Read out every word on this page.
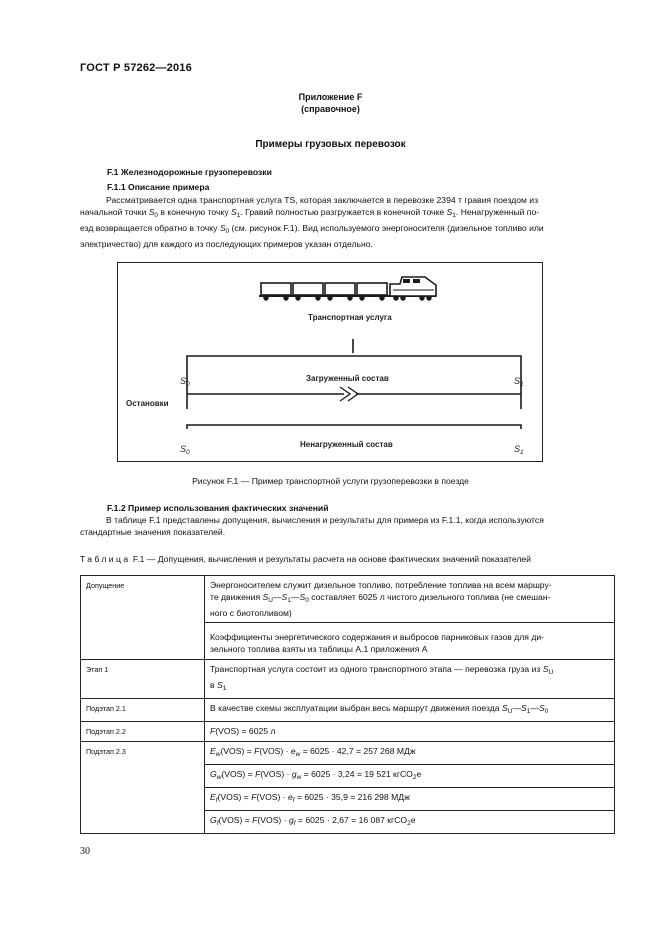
ГОСТ Р 57262—2016
Приложение F
(справочное)
Примеры грузовых перевозок
F.1 Железнодорожные грузоперевозки
F.1.1 Описание примера
Рассматривается одна транспортная услуга TS, которая заключается в перевозке 2394 т гравия поездом из
начальной точки $S_0$ в конечную точку $S_1$. Гравий полностью разгружается в конечной точке $S_1$. Ненагруженный по-
езд возвращается обратно в точку $S_0$ (см. рисунок F.1). Вид используемого энергоносителя (дизельное топливо или
электричество) для каждого из последующих примеров указан отдельно.
Транспортная услуга
Загруженный состав
Ненагруженный состав
Остановки
$S_0$	$S_1$
$S_0$	$S_1$
Рисунок F.1 — Пример транспортной услуги грузоперевозки в поезде
F.1.2 Пример использования фактических значений
В таблице F.1 представлены допущения, вычисления и результаты для примера из F.1.1, когда используются
стандартные значения показателей.
Таблица F.1 — Допущения, вычисления и результаты расчета на основе фактических значений показателей
Допущение	Энергоносителем служит дизельное топливо, потребление топлива на всем маршру-
те движения $S_U—S_1—S_0$ составляет 6025 л чистого дизельного топлива (не смешан-
ного с биотопливом)

	Коэффициенты энергетического содержания и выбросов парниковых газов для ди-
зельного топлива взяты из таблицы А.1 приложения А

Этап 1	Транспортная услуга состоит из одного транспортного этапа — перевозка груза из $S_U$
в $S_1$

Подэтап 2.1	В качестве схемы эксплуатации выбран весь маршрут движения поезда $S_U—S_1—S_0$
Подэтап 2.2	F(VOS) = 6025 л
Подэтап 2.3	$E_w(VOS) = F(VOS) \cdot e_w = 6025 \cdot 42,7 = 257$ 268 МДж
	$G_w(VOS) = F(VOS) \cdot g_w = 6025 \cdot 3,24 = 19$ 521 кгCO$_2$e
	$E_f(VOS) = F(VOS) \cdot e_f = 6025 \cdot 35,9 = 216$ 298 МДж
	$G_f(VOS) = F(VOS) \cdot g_f = 6025 \cdot 2,67 = 16$ 087 кгCO$_2$e
30
